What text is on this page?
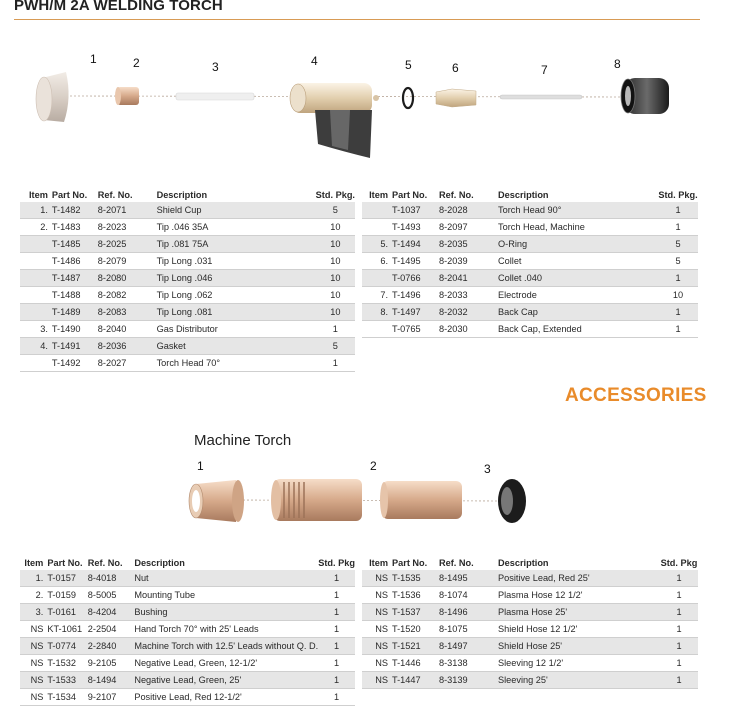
PWH/M 2A WELDING TORCH
1	2	3	4	5	6	7	8
Item	Part No.	Ref. No.	Description	Std. Pkg.
1.	T-1482	8-2071	Shield Cup	5
2.	T-1483	8-2023	Tip .046 35A	10
	T-1485	8-2025	Tip .081 75A	10
	T-1486	8-2079	Tip Long .031	10
	T-1487	8-2080	Tip Long .046	10
	T-1488	8-2082	Tip Long .062	10
	T-1489	8-2083	Tip Long .081	10
3.	T-1490	8-2040	Gas Distributor	1
4.	T-1491	8-2036	Gasket	5
	T-1492	8-2027	Torch Head 70°	1
Item	Part No.	Ref. No.	Description	Std. Pkg.
	T-1037	8-2028	Torch Head 90°	1
	T-1493	8-2097	Torch Head, Machine	1
5.	T-1494	8-2035	O-Ring	5
6.	T-1495	8-2039	Collet	5
	T-0766	8-2041	Collet .040	1
7.	T-1496	8-2033	Electrode	10
8.	T-1497	8-2032	Back Cap	1
	T-0765	8-2030	Back Cap, Extended	1
ACCESSORIES
Machine Torch
1	2	3
Item	Part No.	Ref. No.	Description	Std. Pkg
1.	T-0157	8-4018	Nut	1
2.	T-0159	8-5005	Mounting Tube	1
3.	T-0161	8-4204	Bushing	1
NS	KT-1061	2-2504	Hand Torch 70° with 25' Leads	1
NS	T-0774	2-2840	Machine Torch with 12.5' Leads without Q. D.	1
NS	T-1532	9-2105	Negative Lead, Green, 12-1/2'	1
NS	T-1533	8-1494	Negative Lead, Green, 25'	1
NS	T-1534	9-2107	Positive Lead, Red 12-1/2'	1
Item	Part No.	Ref. No.	Description	Std. Pkg
NS	T-1535	8-1495	Positive Lead, Red 25'	1
NS	T-1536	8-1074	Plasma Hose 12 1/2'	1
NS	T-1537	8-1496	Plasma Hose 25'	1
NS	T-1520	8-1075	Shield Hose 12 1/2'	1
NS	T-1521	8-1497	Shield Hose 25'	1
NS	T-1446	8-3138	Sleeving 12 1/2'	1
NS	T-1447	8-3139	Sleeving 25'	1
